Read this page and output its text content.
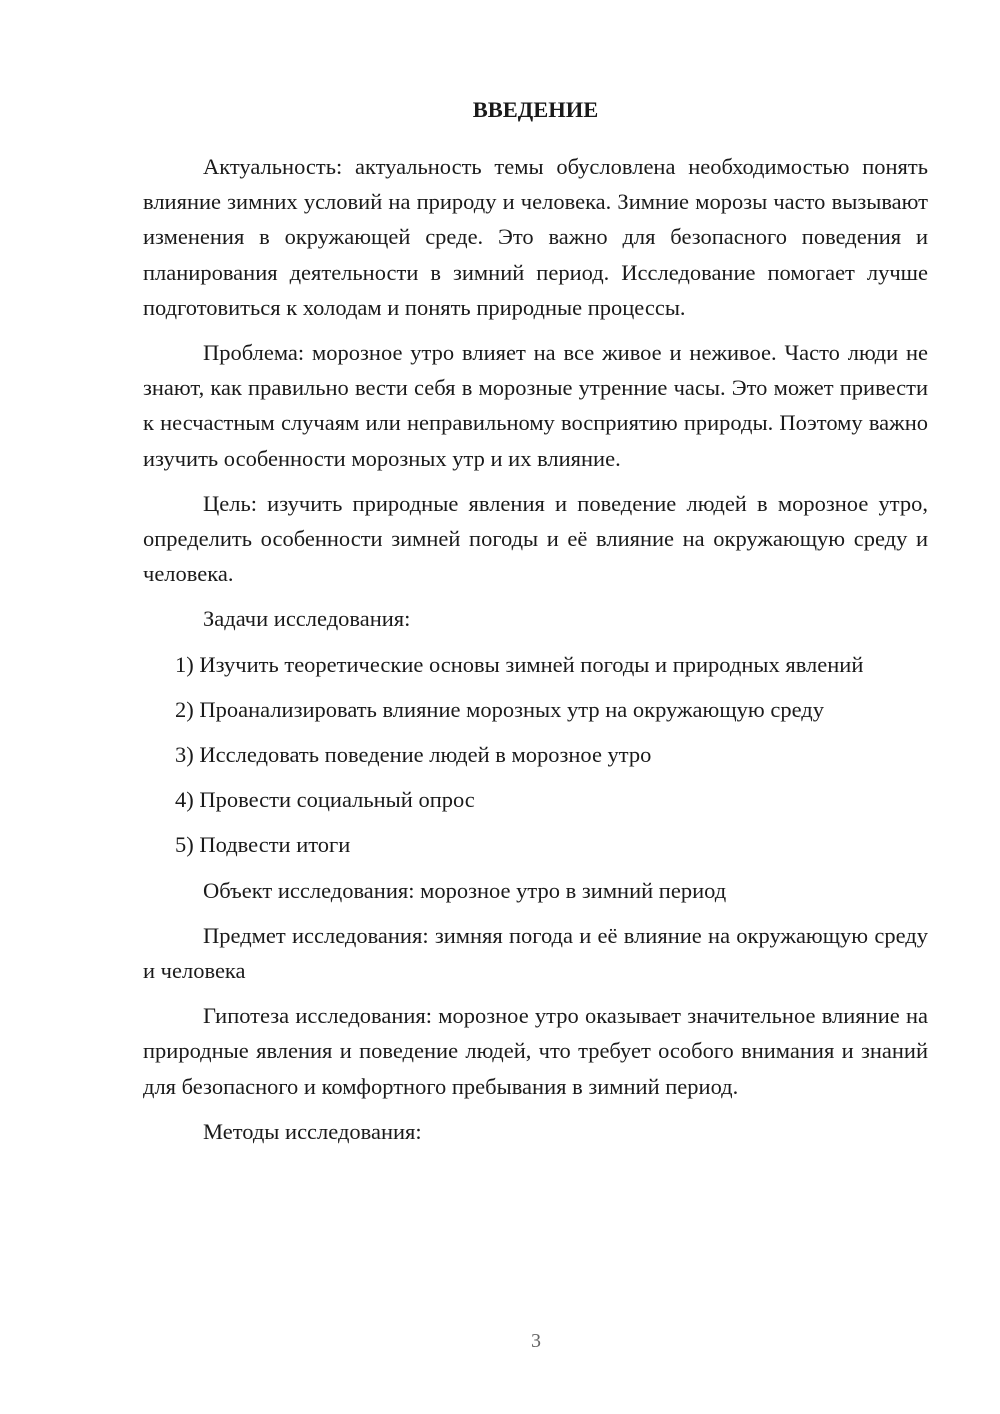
ВВЕДЕНИЕ

Актуальность: актуальность темы обусловлена необходимостью понять влияние зимних условий на природу и человека. Зимние морозы часто вызывают изменения в окружающей среде. Это важно для безопасного поведения и планирования деятельности в зимний период. Исследование помогает лучше подготовиться к холодам и понять природные процессы.

Проблема: морозное утро влияет на все живое и неживое. Часто люди не знают, как правильно вести себя в морозные утренние часы. Это может привести к несчастным случаям или неправильному восприятию природы. Поэтому важно изучить особенности морозных утр и их влияние.

Цель: изучить природные явления и поведение людей в морозное утро, определить особенности зимней погоды и её влияние на окружающую среду и человека.

Задачи исследования:

1) Изучить теоретические основы зимней погоды и природных явлений

2) Проанализировать влияние морозных утр на окружающую среду

3) Исследовать поведение людей в морозное утро

4) Провести социальный опрос

5) Подвести итоги

Объект исследования: морозное утро в зимний период

Предмет исследования: зимняя погода и её влияние на окружающую среду и человека

Гипотеза исследования: морозное утро оказывает значительное влияние на природные явления и поведение людей, что требует особого внимания и знаний для безопасного и комфортного пребывания в зимний период.

Методы исследования:

3
